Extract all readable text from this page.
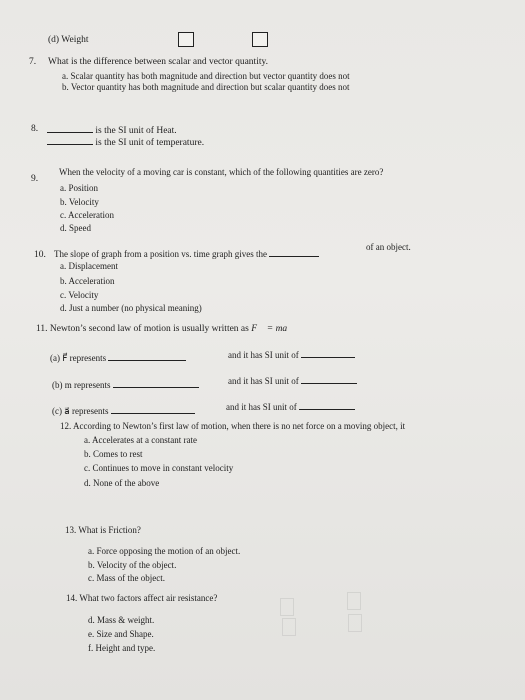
(d) Weight
7. What is the difference between scalar and vector quantity.
a. Scalar quantity has both magnitude and direction but vector quantity does not
b. Vector quantity has both magnitude and direction but scalar quantity does not
8.	is the SI unit of Heat.
is the SI unit of temperature.
9.
When the velocity of a moving car is constant, which of the following quantities are zero?
a. Position
b. Velocity
c. Acceleration
d. Speed
10. The slope of graph from a position vs. time graph gives the
of an object.
a. Displacement
b. Acceleration
c. Velocity
d. Just a number (no physical meaning)
11. Newton’s second law of motion is usually written as F⃗ = ma⃗
(a) F⃗ represents	and it has SI unit of
(b) m represents	and it has SI unit of
(c) a⃗ represents	and it has SI unit of
12. According to Newton’s first law of motion, when there is no net force on a moving object, it
a. Accelerates at a constant rate
b. Comes to rest
c. Continues to move in constant velocity
d. None of the above
13. What is Friction?
a. Force opposing the motion of an object.
b. Velocity of the object.
c. Mass of the object.
14. What two factors affect air resistance?
d. Mass & weight.
e. Size and Shape.
f. Height and type.
